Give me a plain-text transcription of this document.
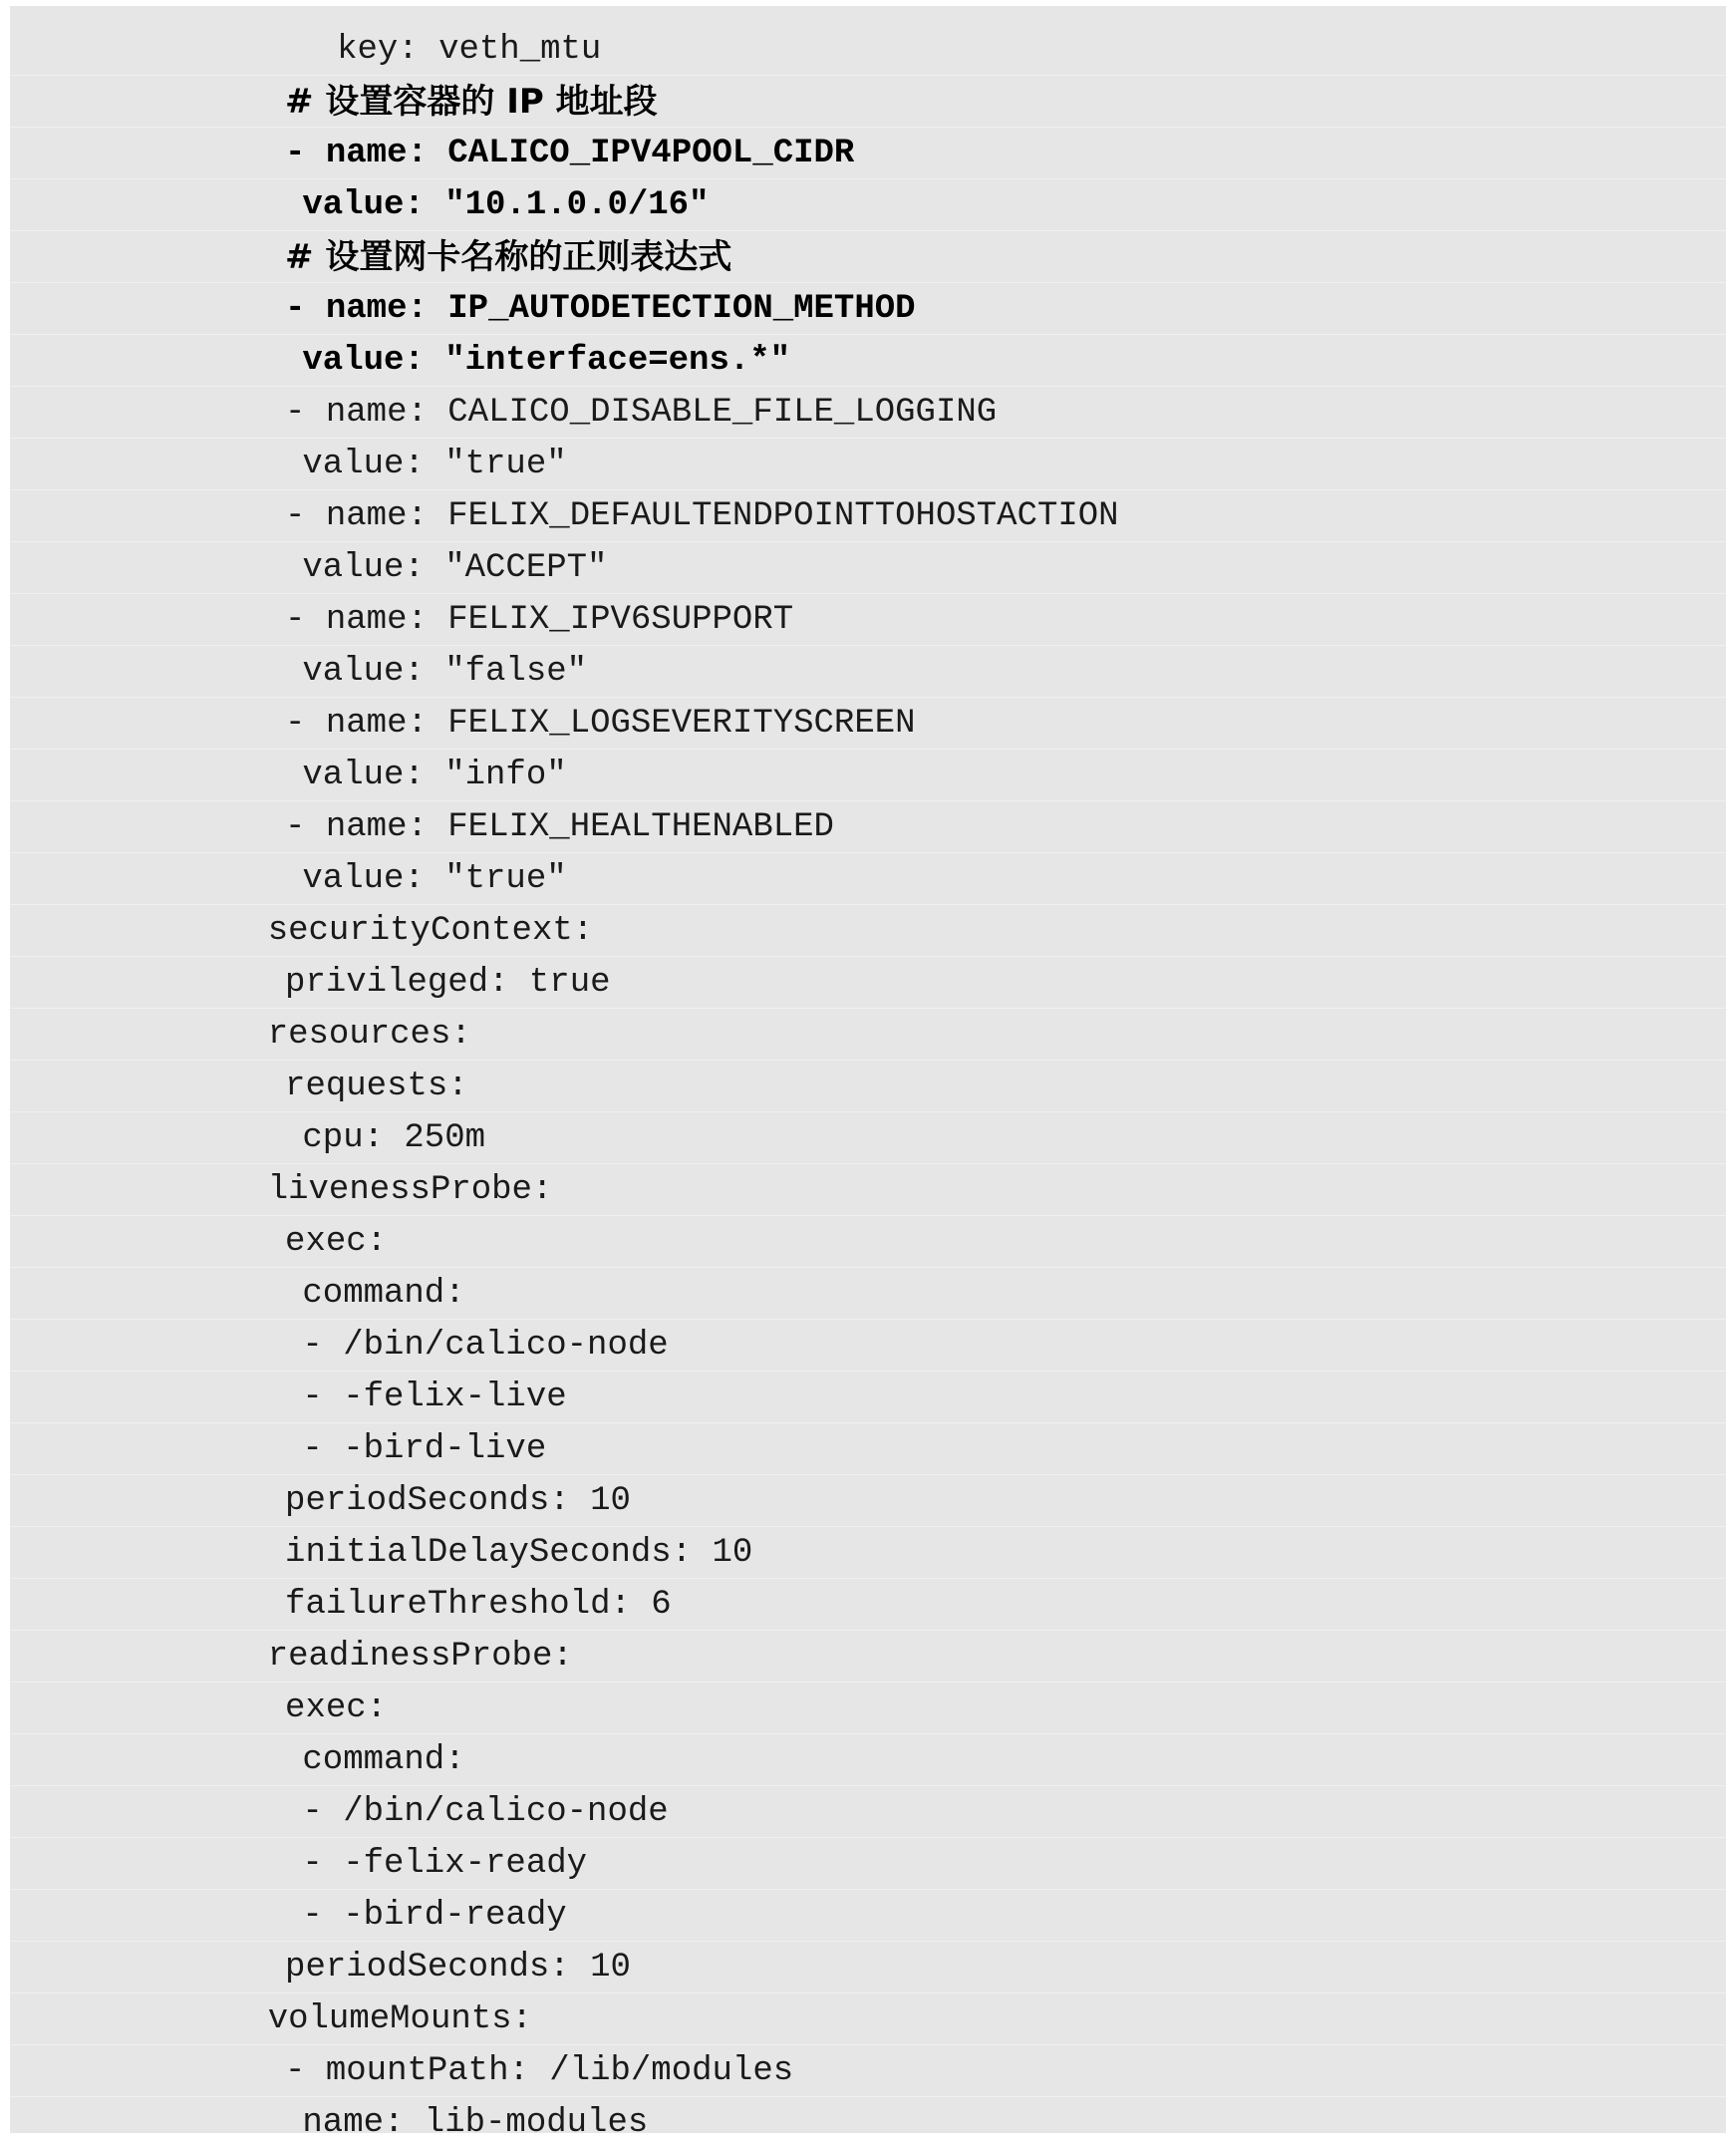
key: veth_mtu
# 设置容器的 IP 地址段
- name: CALICO_IPV4POOL_CIDR
value: "10.1.0.0/16"
# 设置网卡名称的正则表达式
- name: IP_AUTODETECTION_METHOD
value: "interface=ens.*"
- name: CALICO_DISABLE_FILE_LOGGING
value: "true"
- name: FELIX_DEFAULTENDPOINTTOHOSTACTION
value: "ACCEPT"
- name: FELIX_IPV6SUPPORT
value: "false"
- name: FELIX_LOGSEVERITYSCREEN
value: "info"
- name: FELIX_HEALTHENABLED
value: "true"
securityContext:
privileged: true
resources:
requests:
cpu: 250m
livenessProbe:
exec:
command:
- /bin/calico-node
- -felix-live
- -bird-live
periodSeconds: 10
initialDelaySeconds: 10
failureThreshold: 6
readinessProbe:
exec:
command:
- /bin/calico-node
- -felix-ready
- -bird-ready
periodSeconds: 10
volumeMounts:
- mountPath: /lib/modules
name: lib-modules
